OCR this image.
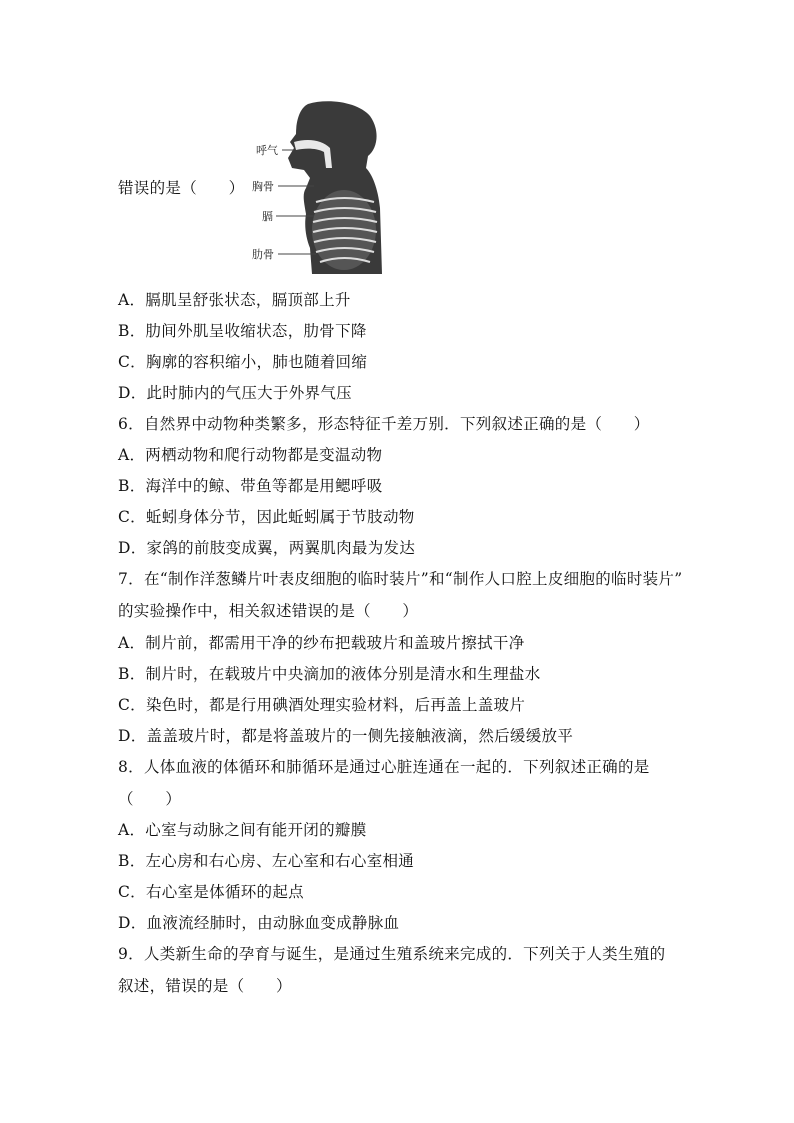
错误的是（　　）
呼气
胸骨
膈
肋骨
A．膈肌呈舒张状态，膈顶部上升
B．肋间外肌呈收缩状态，肋骨下降
C．胸廓的容积缩小，肺也随着回缩
D．此时肺内的气压大于外界气压
6．自然界中动物种类繁多，形态特征千差万别．下列叙述正确的是（　　）
A．两栖动物和爬行动物都是变温动物
B．海洋中的鲸、带鱼等都是用鳃呼吸
C．蚯蚓身体分节，因此蚯蚓属于节肢动物
D．家鸽的前肢变成翼，两翼肌肉最为发达
7．在“制作洋葱鳞片叶表皮细胞的临时装片”和“制作人口腔上皮细胞的临时装片”
的实验操作中，相关叙述错误的是（　　）
A．制片前，都需用干净的纱布把载玻片和盖玻片擦拭干净
B．制片时，在载玻片中央滴加的液体分别是清水和生理盐水
C．染色时，都是行用碘酒处理实验材料，后再盖上盖玻片
D．盖盖玻片时，都是将盖玻片的一侧先接触液滴，然后缓缓放平
8．人体血液的体循环和肺循环是通过心脏连通在一起的．下列叙述正确的是
（　　）
A．心室与动脉之间有能开闭的瓣膜
B．左心房和右心房、左心室和右心室相通
C．右心室是体循环的起点
D．血液流经肺时，由动脉血变成静脉血
9．人类新生命的孕育与诞生，是通过生殖系统来完成的．下列关于人类生殖的
叙述，错误的是（　　）
